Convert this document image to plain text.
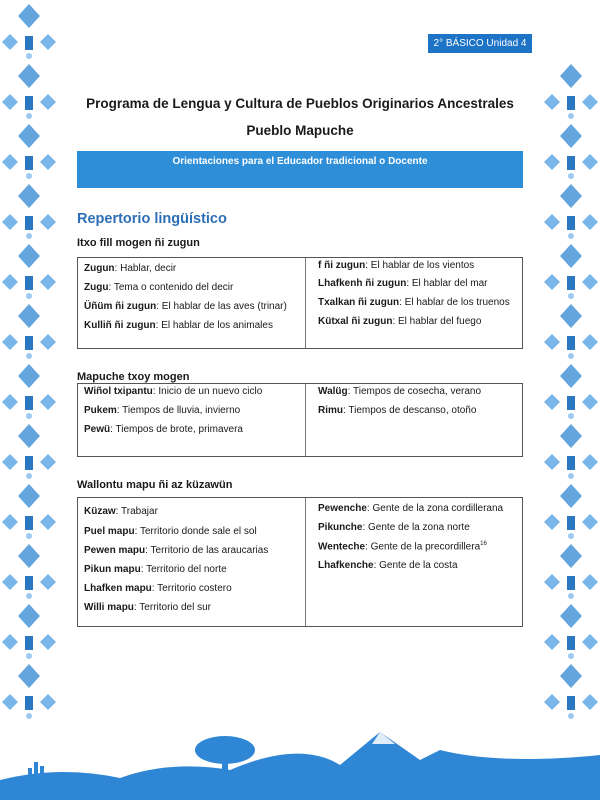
2° BÁSICO Unidad 4
Programa de Lengua y Cultura de Pueblos Originarios Ancestrales
Pueblo Mapuche
Orientaciones para el Educador tradicional o Docente
Repertorio lingüístico
Itxo fill mogen ñi zugun
Zugun: Hablar, decir
Zugu: Tema o contenido del decir
Üñüm ñi zugun: El hablar de las aves (trinar)
Kulliñ ñi zugun: El hablar de los animales
f ñi zugun: El hablar de los vientos
Lhafkenh ñi zugun: El hablar del mar
Txalkan ñi zugun: El hablar de los truenos
Kütxal ñi zugun: El hablar del fuego
Mapuche txoy mogen
Wiñol txipantu: Inicio de un nuevo ciclo
Pukem: Tiempos de lluvia, invierno
Pewü: Tiempos de brote, primavera
Walüg: Tiempos de cosecha, verano
Rimu: Tiempos de descanso, otoño
Wallontu mapu ñi az küzawün
Küzaw: Trabajar
Puel mapu: Territorio donde sale el sol
Pewen mapu: Territorio de las araucarias
Pikun mapu: Territorio del norte
Lhafken mapu: Territorio costero
Willi mapu: Territorio del sur
Pewenche: Gente de la zona cordillerana
Pikunche: Gente de la zona norte
Wenteche: Gente de la precordillera$^{16}$
Lhafkenche: Gente de la costa
